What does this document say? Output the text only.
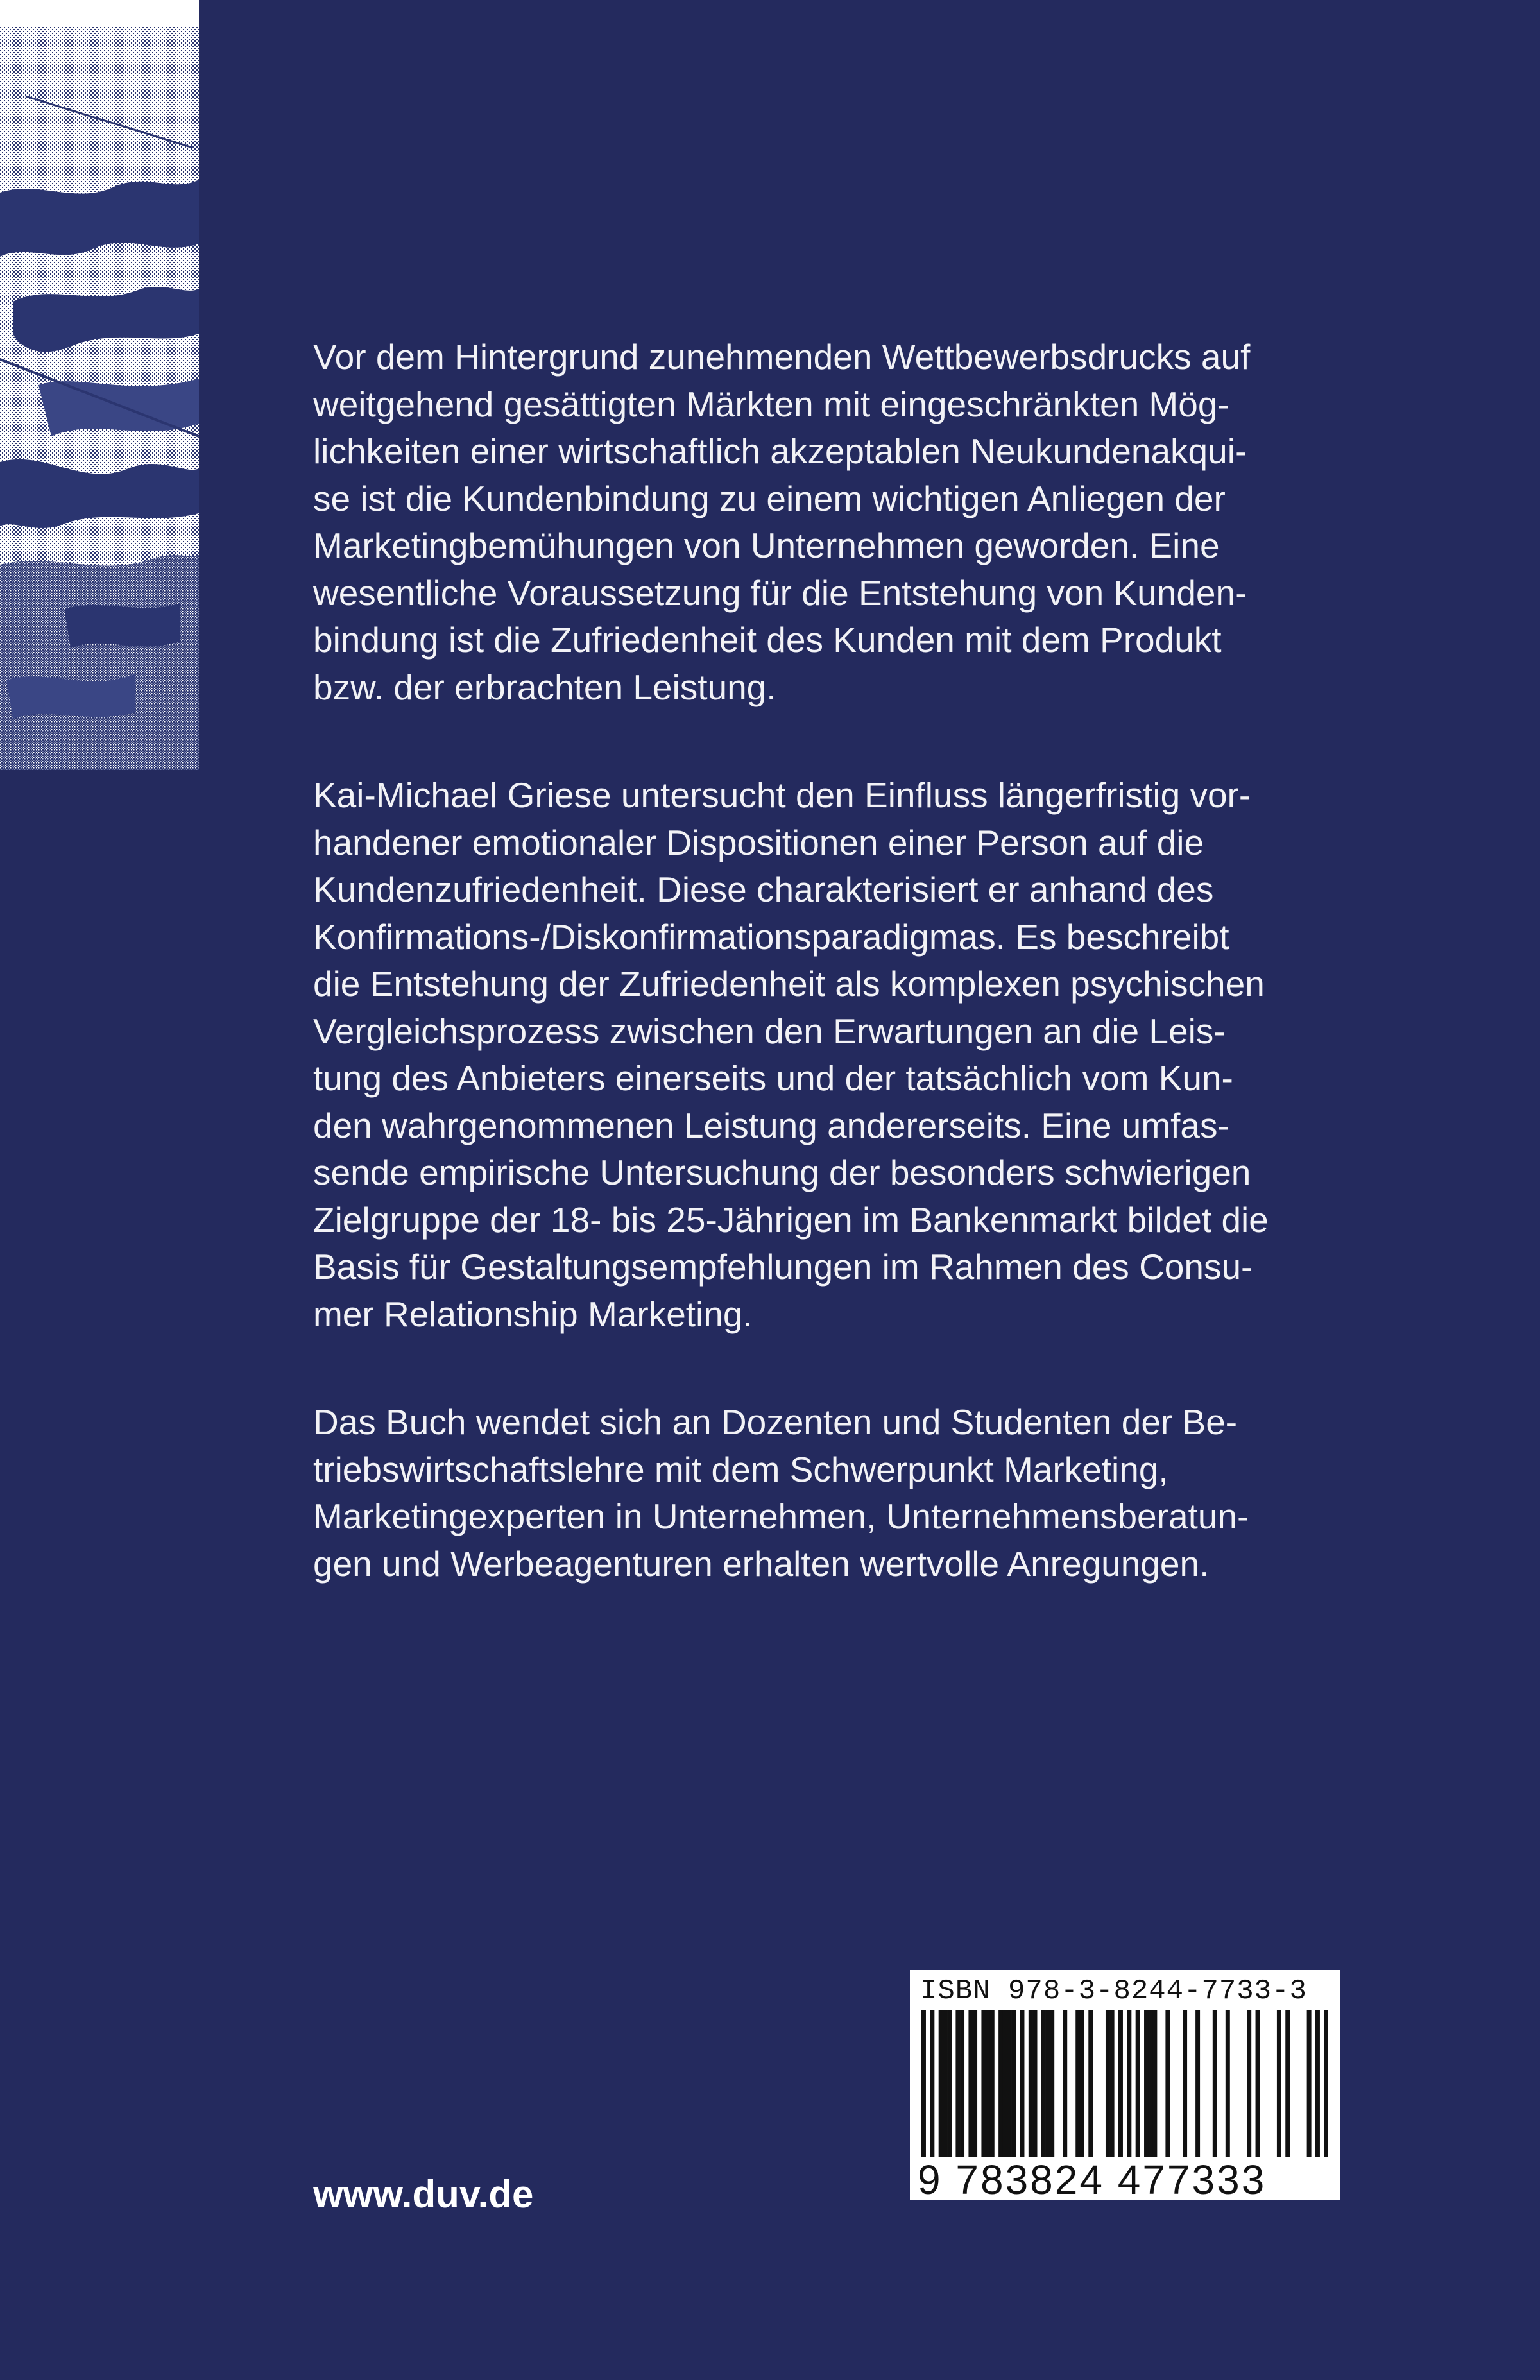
Vor dem Hintergrund zunehmenden Wettbewerbsdrucks auf
weitgehend gesättigten Märkten mit eingeschränkten Mög-
lichkeiten einer wirtschaftlich akzeptablen Neukundenakqui-
se ist die Kundenbindung zu einem wichtigen Anliegen der
Marketingbemühungen von Unternehmen geworden. Eine
wesentliche Voraussetzung für die Entstehung von Kunden-
bindung ist die Zufriedenheit des Kunden mit dem Produkt
bzw. der erbrachten Leistung.

Kai-Michael Griese untersucht den Einfluss längerfristig vor-
handener emotionaler Dispositionen einer Person auf die
Kundenzufriedenheit. Diese charakterisiert er anhand des
Konfirmations-/Diskonfirmationsparadigmas. Es beschreibt
die Entstehung der Zufriedenheit als komplexen psychischen
Vergleichsprozess zwischen den Erwartungen an die Leis-
tung des Anbieters einerseits und der tatsächlich vom Kun-
den wahrgenommenen Leistung andererseits. Eine umfas-
sende empirische Untersuchung der besonders schwierigen
Zielgruppe der 18- bis 25-Jährigen im Bankenmarkt bildet die
Basis für Gestaltungsempfehlungen im Rahmen des Consu-
mer Relationship Marketing.

Das Buch wendet sich an Dozenten und Studenten der Be-
triebswirtschaftslehre mit dem Schwerpunkt Marketing,
Marketingexperten in Unternehmen, Unternehmensberatun-
gen und Werbeagenturen erhalten wertvolle Anregungen.

www.duv.de
ISBN 978-3-8244-7733-3
9 783824 477333
